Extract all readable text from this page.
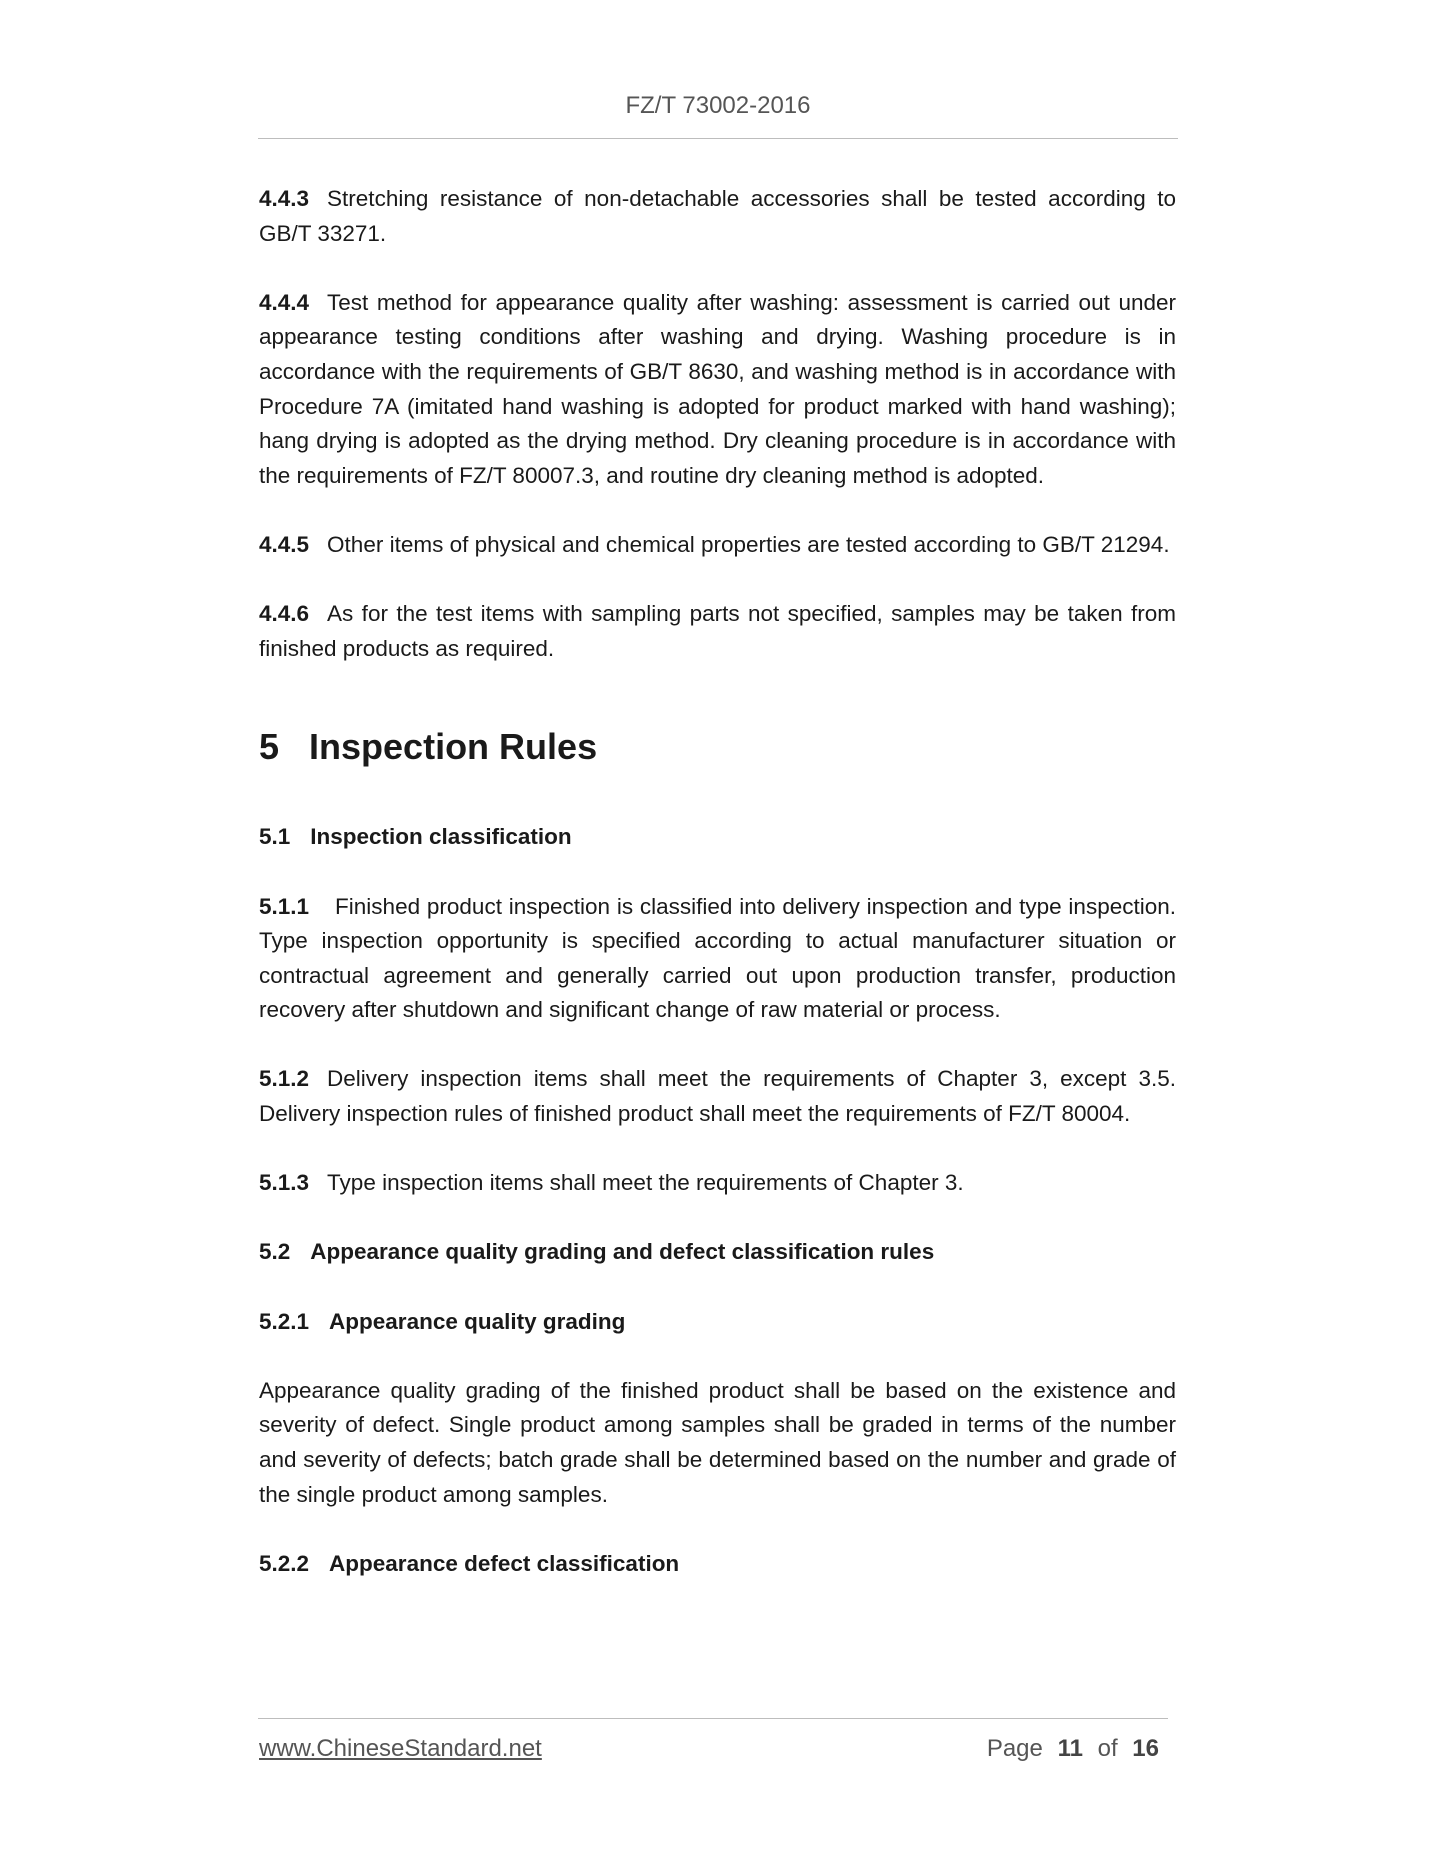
FZ/T 73002-2016

4.4.3 Stretching resistance of non-detachable accessories shall be tested according to GB/T 33271.

4.4.4 Test method for appearance quality after washing: assessment is carried out under appearance testing conditions after washing and drying. Washing procedure is in accordance with the requirements of GB/T 8630, and washing method is in accordance with Procedure 7A (imitated hand washing is adopted for product marked with hand washing); hang drying is adopted as the drying method. Dry cleaning procedure is in accordance with the requirements of FZ/T 80007.3, and routine dry cleaning method is adopted.

4.4.5 Other items of physical and chemical properties are tested according to GB/T 21294.

4.4.6 As for the test items with sampling parts not specified, samples may be taken from finished products as required.

5 Inspection Rules
5.1 Inspection classification

5.1.1 Finished product inspection is classified into delivery inspection and type inspection. Type inspection opportunity is specified according to actual manufacturer situation or contractual agreement and generally carried out upon production transfer, production recovery after shutdown and significant change of raw material or process.

5.1.2 Delivery inspection items shall meet the requirements of Chapter 3, except 3.5. Delivery inspection rules of finished product shall meet the requirements of FZ/T 80004.

5.1.3 Type inspection items shall meet the requirements of Chapter 3.

5.2 Appearance quality grading and defect classification rules
5.2.1 Appearance quality grading

Appearance quality grading of the finished product shall be based on the existence and severity of defect. Single product among samples shall be graded in terms of the number and severity of defects; batch grade shall be determined based on the number and grade of the single product among samples.

5.2.2 Appearance defect classification
www.ChineseStandard.net	Page 11 of 16
